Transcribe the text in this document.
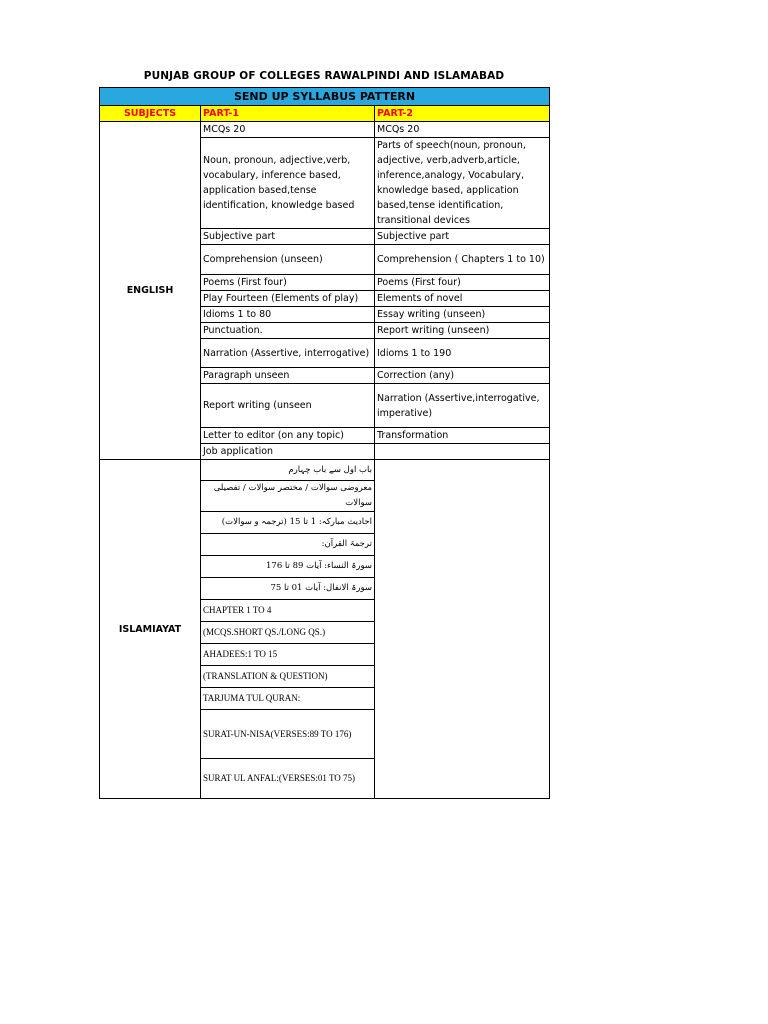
PUNJAB GROUP OF COLLEGES RAWALPINDI AND ISLAMABAD
SEND UP SYLLABUS PATTERN		
SUBJECTS	PART-1	PART-2
ENGLISH	MCQs 20	MCQs 20
	Noun, pronoun, adjective,verb, vocabulary, inference based, application based,tense identification, knowledge based	Parts of speech(noun, pronoun, adjective, verb,adverb,article, inference,analogy, Vocabulary, knowledge based, application based,tense identification, transitional devices
	Subjective part	Subjective part
	Comprehension (unseen)	Comprehension ( Chapters 1 to 10)
	Poems (First four)	Poems (First four)
	Play Fourteen (Elements of play)	Elements of novel
	Idioms 1 to 80	Essay writing (unseen)
	Punctuation.	Report writing (unseen)
	Narration (Assertive, interrogative)	Idioms 1 to 190
	Paragraph unseen	Correction (any)
	Report writing (unseen	Narration (Assertive,interrogative, imperative)
	Letter to editor (on any topic)	Transformation
	Job application	
ISLAMIAYAT	باب اول سے باب چہارم	
	معروضی سوالات / مختصر سوالات / تفصیلی سوالات	
	احادیث مبارکہ: 1 تا 15 (ترجمہ و سوالات)	
	ترجمۃ القرآن:	
	سورۃ النساء: آیات 89 تا 176	
	سورۃ الانفال: آیات 01 تا 75	
	CHAPTER 1 TO 4	
	(MCQS.SHORT QS./LONG QS.)	
	AHADEES:1 TO 15	
	(TRANSLATION & QUESTION)	
	TARJUMA TUL QURAN:	
	SURAT-UN-NISA(VERSES:89 TO 176)	
	SURAT UL ANFAL:(VERSES:01 TO 75)	
